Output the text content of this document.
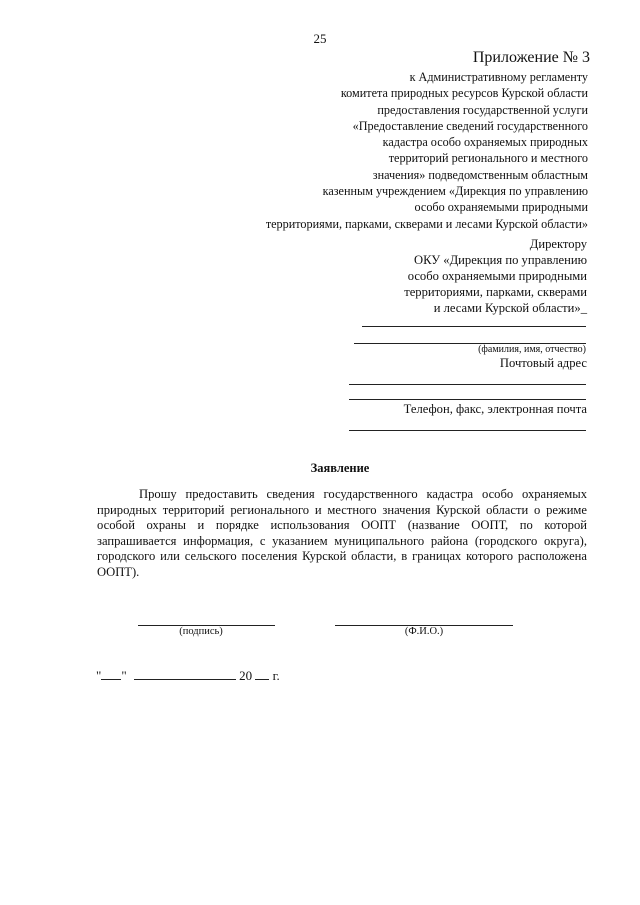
25
Приложение № 3
к Административному регламенту
комитета природных ресурсов Курской области
предоставления государственной услуги
«Предоставление сведений государственного
кадастра особо охраняемых природных
территорий регионального и местного
значения» подведомственным областным
казенным учреждением «Дирекция по управлению
особо охраняемыми природными
территориями, парками, скверами и лесами Курской области»
Директору
ОКУ «Дирекция по управлению
особо охраняемыми природными
территориями, парками, скверами
и лесами Курской области»_
(фамилия, имя, отчество)
Почтовый адрес
Телефон, факс, электронная почта
Заявление

Прошу предоставить сведения государственного кадастра особо охраняемых природных территорий регионального и местного значения Курской области о режиме особой охраны и порядке использования ООПТ (название ООПТ, по которой запрашивается информация, с указанием муниципального района (городского округа), городского или сельского поселения Курской области, в границах которого расположена ООПТ).

(подпись)	(Ф.И.О.)
" "	20 г.
